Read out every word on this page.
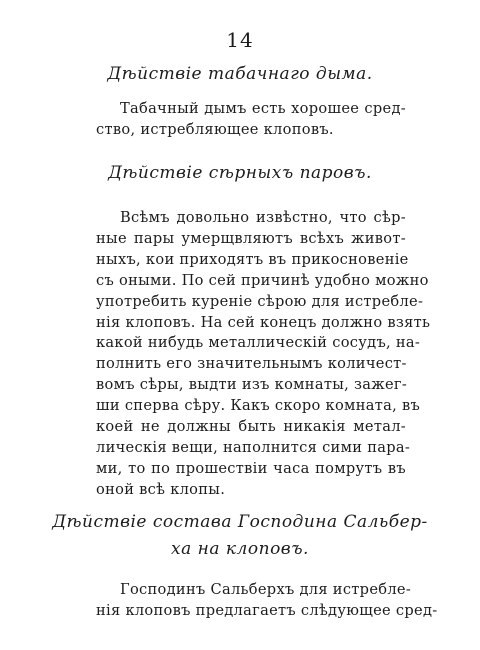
14
Дѣйствіе табачнаго дыма.
Табачный дымъ есть хорошее сред-
ство, истребляющее клоповъ.
Дѣйствіе сѣрныхъ паровъ.
Всѣмъ довольно извѣстно, что сѣр-
ные пары умерщвляютъ всѣхъ живот-
ныхъ, кои приходятъ въ прикосновеніе
съ оными. По сей причинѣ удобно можно
употребить куреніе сѣрою для истребле-
нія клоповъ. На сей конецъ должно взять
какой нибудь металлическій сосудъ, на-
полнить его значительнымъ количест-
вомъ сѣры, выдти изъ комнаты, зажег-
ши сперва сѣру. Какъ скоро комната, въ
коей не должны быть никакія метал-
лическія вещи, наполнится сими пара-
ми, то по прошествіи часа помрутъ въ
оной всѣ клопы.
Дѣйствіе состава Господина Сальбер-
ха на клоповъ.
Господинъ Сальберхъ для истребле-
нія клоповъ предлагаетъ слѣдующее сред-
